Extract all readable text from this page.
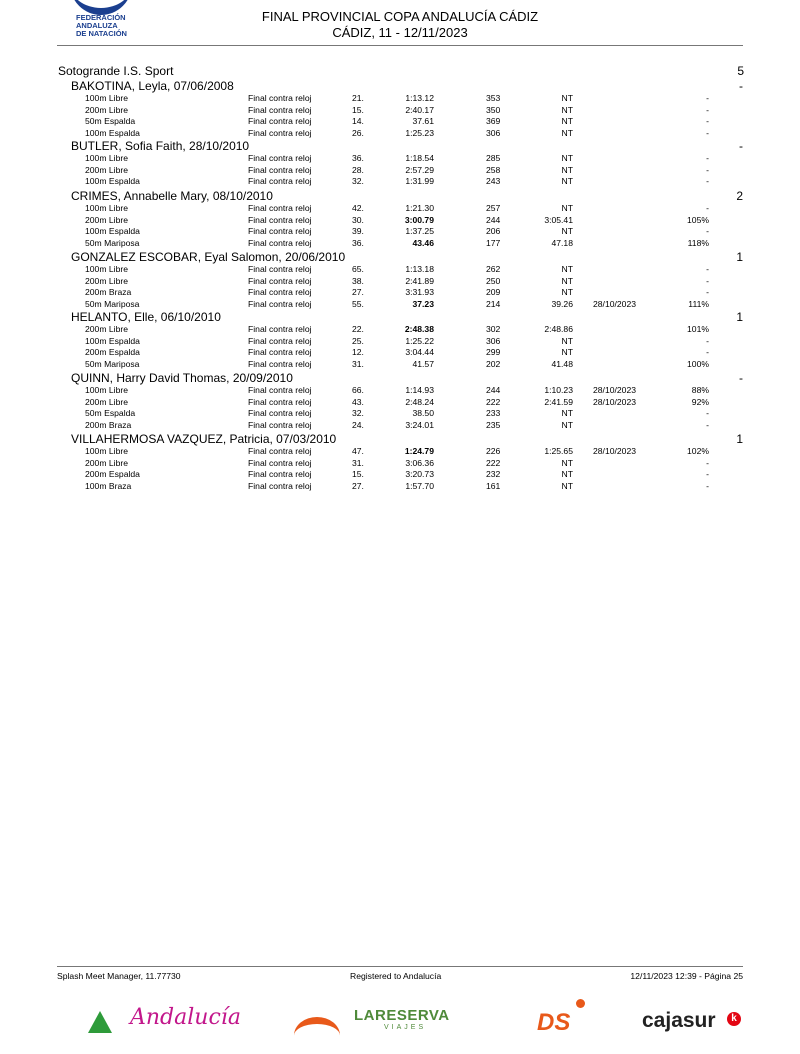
FEDERACIÓN
ANDALUZA
DE NATACIÓN
FINAL PROVINCIAL COPA ANDALUCÍA CÁDIZ
CÁDIZ, 11 - 12/11/2023
Sotogrande I.S. Sport	5
BAKOTINA, Leyla, 07/06/2008	-
100m Libre	Final contra reloj	21.	1:13.12	353	NT	-
200m Libre	Final contra reloj	15.	2:40.17	350	NT	-
50m Espalda	Final contra reloj	14.	37.61	369	NT	-
100m Espalda	Final contra reloj	26.	1:25.23	306	NT	-
BUTLER, Sofia Faith, 28/10/2010	-
100m Libre	Final contra reloj	36.	1:18.54	285	NT	-
200m Libre	Final contra reloj	28.	2:57.29	258	NT	-
100m Espalda	Final contra reloj	32.	1:31.99	243	NT	-
CRIMES, Annabelle Mary, 08/10/2010	2
100m Libre	Final contra reloj	42.	1:21.30	257	NT	-
200m Libre	Final contra reloj	30.	3:00.79	244	3:05.41	105%
100m Espalda	Final contra reloj	39.	1:37.25	206	NT	-
50m Mariposa	Final contra reloj	36.	43.46	177	47.18	118%
GONZALEZ ESCOBAR, Eyal Salomon, 20/06/2010	1
100m Libre	Final contra reloj	65.	1:13.18	262	NT	-
200m Libre	Final contra reloj	38.	2:41.89	250	NT	-
200m Braza	Final contra reloj	27.	3:31.93	209	NT	-
50m Mariposa	Final contra reloj	55.	37.23	214	39.26 28/10/2023	111%
HELANTO, Elle, 06/10/2010	1
200m Libre	Final contra reloj	22.	2:48.38	302	2:48.86	101%
100m Espalda	Final contra reloj	25.	1:25.22	306	NT	-
200m Espalda	Final contra reloj	12.	3:04.44	299	NT	-
50m Mariposa	Final contra reloj	31.	41.57	202	41.48	100%
QUINN, Harry David Thomas, 20/09/2010	-
100m Libre	Final contra reloj	66.	1:14.93	244	1:10.23 28/10/2023	88%
200m Libre	Final contra reloj	43.	2:48.24	222	2:41.59 28/10/2023	92%
50m Espalda	Final contra reloj	32.	38.50	233	NT	-
200m Braza	Final contra reloj	24.	3:24.01	235	NT	-
VILLAHERMOSA VAZQUEZ, Patricia, 07/03/2010	1
100m Libre	Final contra reloj	47.	1:24.79	226	1:25.65 28/10/2023	102%
200m Libre	Final contra reloj	31.	3:06.36	222	NT	-
200m Espalda	Final contra reloj	15.	3:20.73	232	NT	-
100m Braza	Final contra reloj	27.	1:57.70	161	NT	-
Splash Meet Manager, 11.77730	Registered to Andalucía	12/11/2023 12:39 - Página 25
Andalucía	LARESERVA
VIAJES	DS	cajasur	k
